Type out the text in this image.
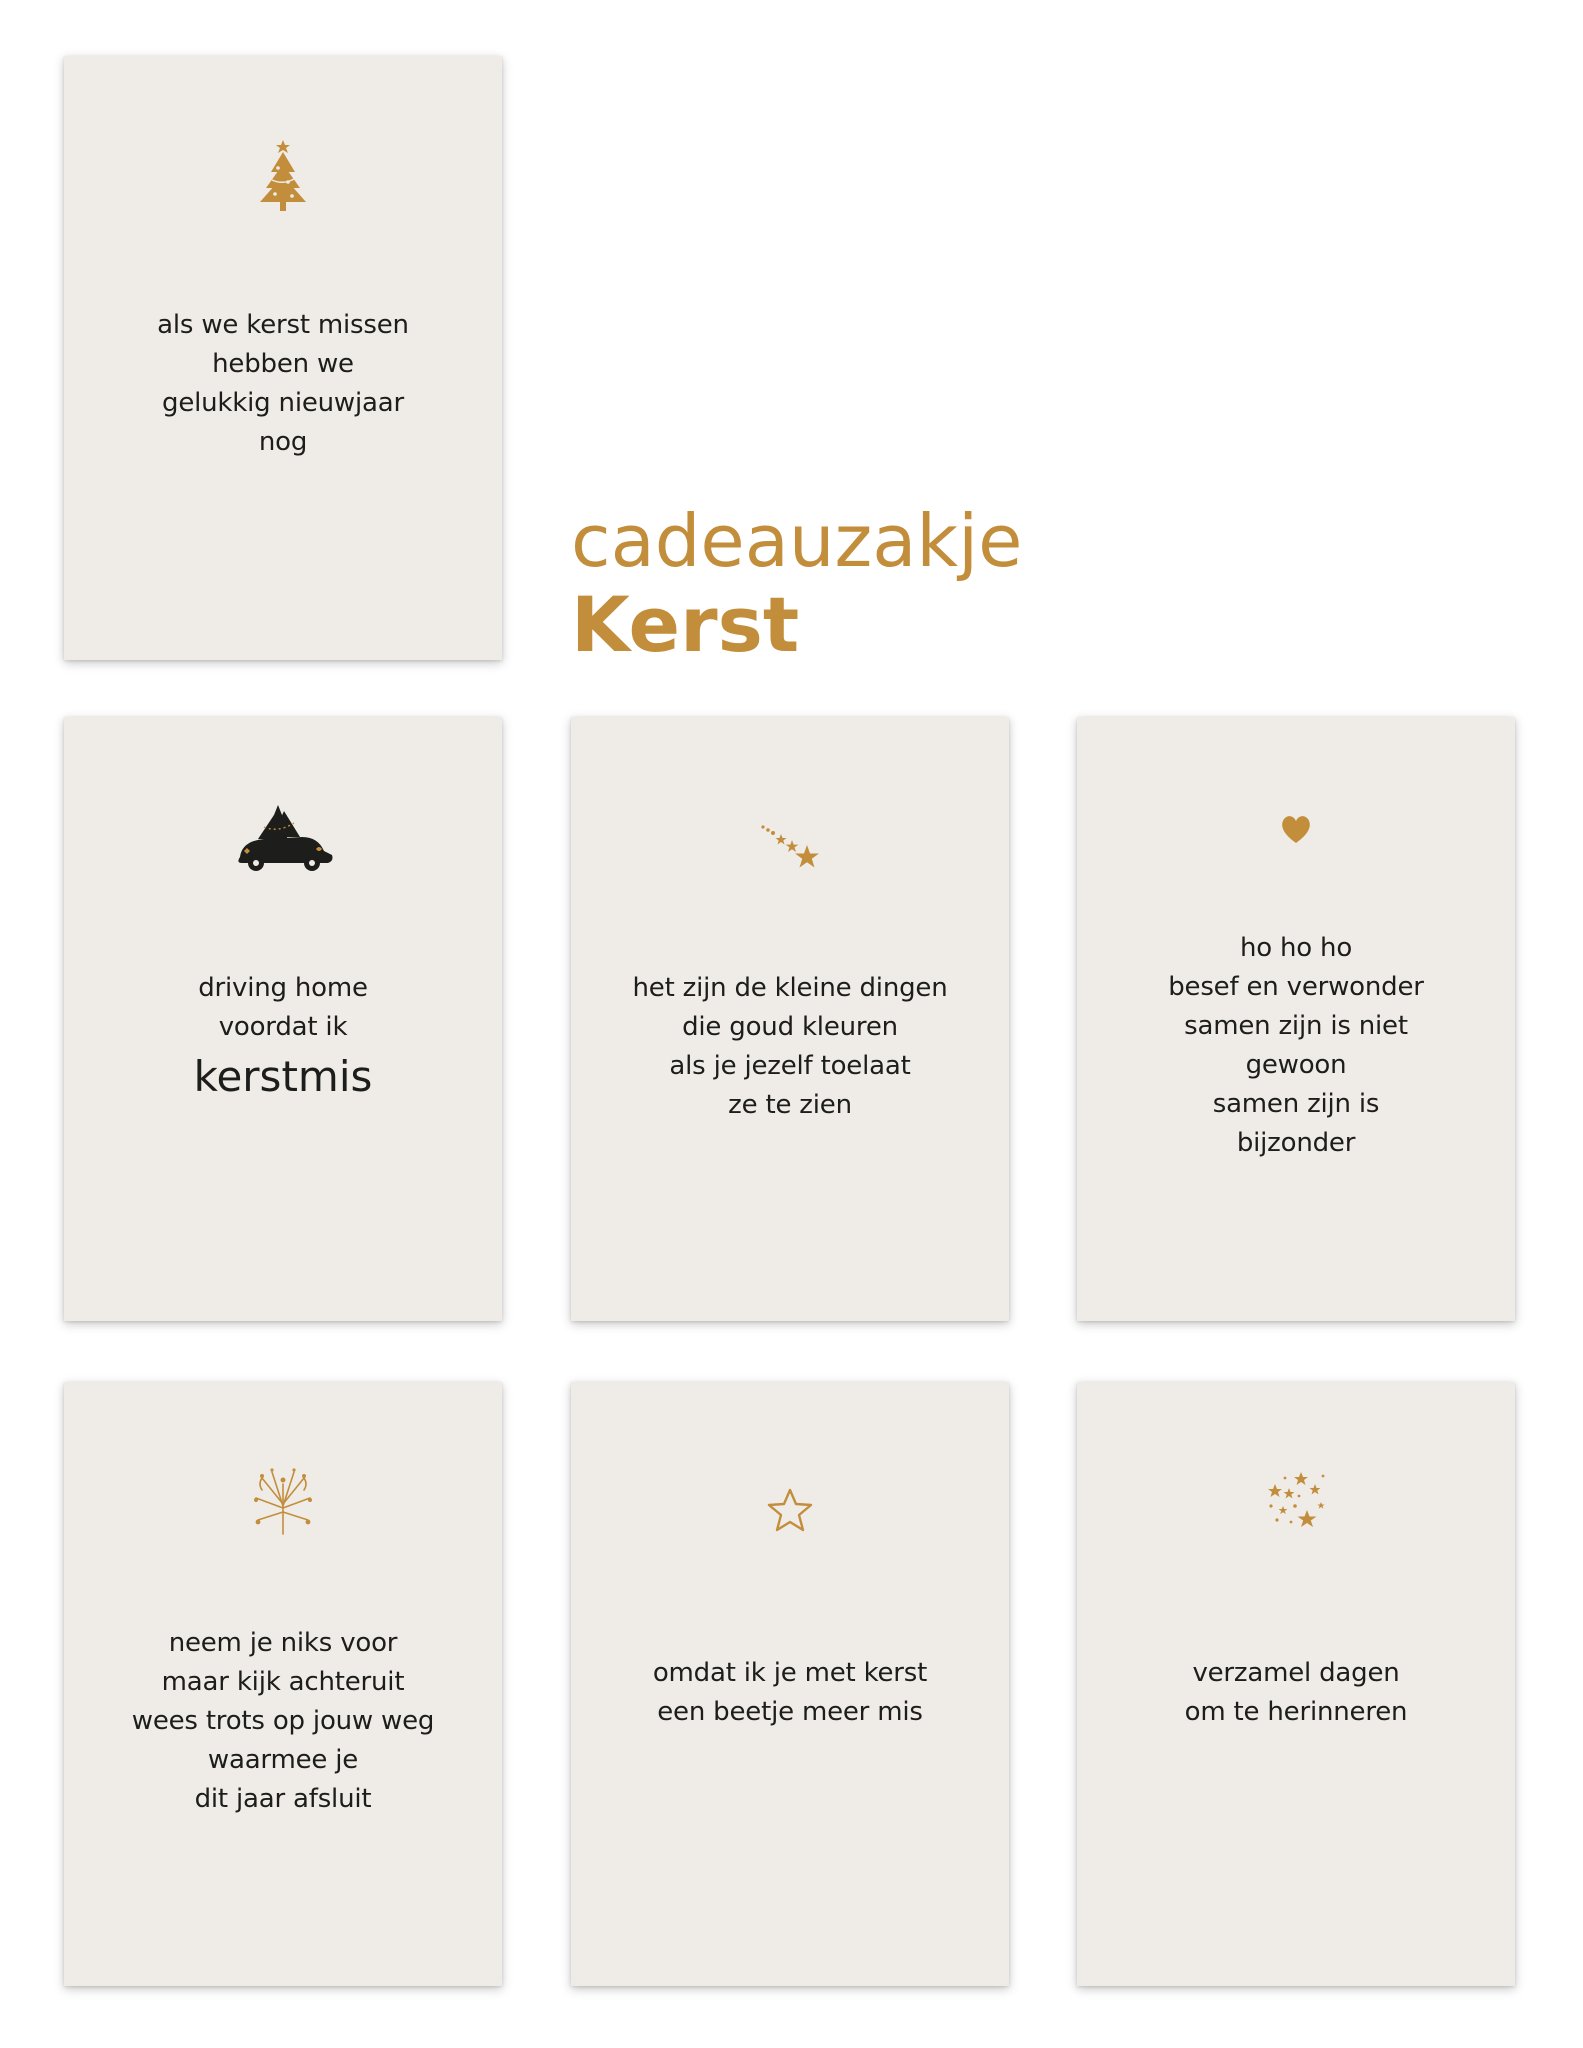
cadeauzakje
Kerst
als we kerst missen
hebben we
gelukkig nieuwjaar
nog
driving home
voordat ik
kerstmis
het zijn de kleine dingen
die goud kleuren
als je jezelf toelaat
ze te zien
ho ho ho
besef en verwonder
samen zijn is niet
gewoon
samen zijn is
bijzonder
neem je niks voor
maar kijk achteruit
wees trots op jouw weg
waarmee je
dit jaar afsluit
omdat ik je met kerst
een beetje meer mis
verzamel dagen
om te herinneren
